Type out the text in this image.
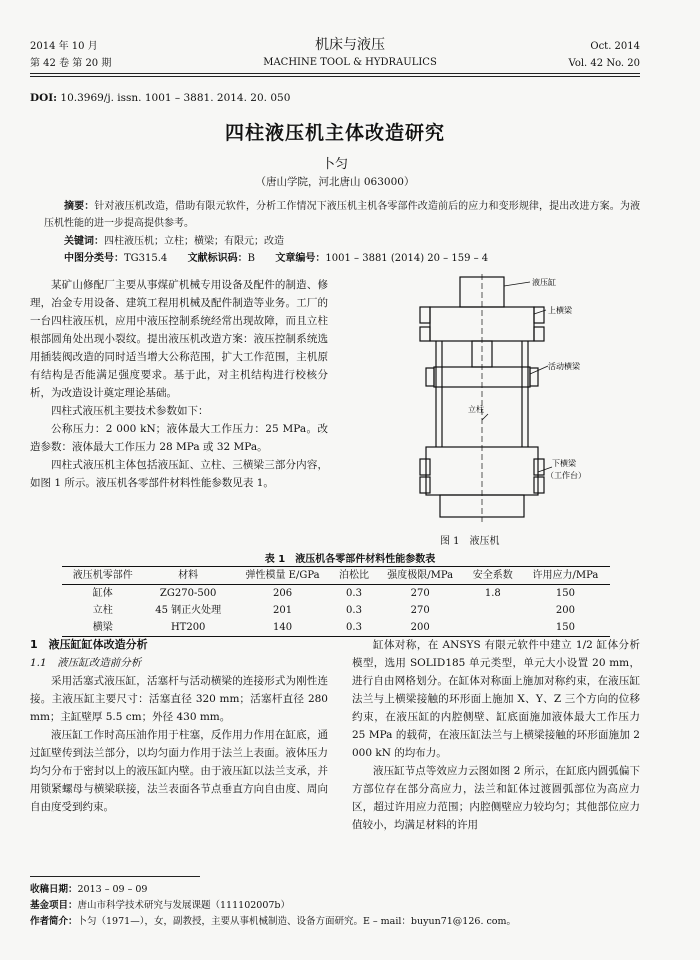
2014 年 10 月
第 42 卷 第 20 期
机床与液压
MACHINE TOOL & HYDRAULICS
Oct. 2014
Vol. 42 No. 20
DOI: 10.3969/j. issn. 1001 – 3881. 2014. 20. 050
四柱液压机主体改造研究
卜匀
（唐山学院，河北唐山 063000）
摘要：针对液压机改造，借助有限元软件，分析工作情况下液压机主机各零部件改造前后的应力和变形规律，提出改进方案。为液压机性能的进一步提高提供参考。
关键词：四柱液压机；立柱；横梁；有限元；改造
中图分类号：TG315.4 文献标识码：B 文章编号：1001 – 3881 (2014) 20 – 159 – 4

某矿山修配厂主要从事煤矿机械专用设备及配件的制造、修理，冶金专用设备、建筑工程用机械及配件制造等业务。工厂的一台四柱液压机，应用中液压控制系统经常出现故障，而且立柱根部圆角处出现小裂纹。提出液压机改造方案：液压控制系统选用插装阀改造的同时适当增大公称范围，扩大工作范围，主机原有结构是否能满足强度要求。基于此，对主机结构进行校核分析，为改造设计奠定理论基础。

四柱式液压机主要技术参数如下：

公称压力：2 000 kN；液体最大工作压力：25 MPa。改造参数：液体最大工作压力 28 MPa 或 32 MPa。

四柱式液压机主体包括液压缸、立柱、三横梁三部分内容，如图 1 所示。液压机各零部件材料性能参数见表 1。

液压缸
上横梁
活动横梁
立柱
下横梁
（工作台）
图 1　液压机
表 1　液压机各零部件材料性能参数表
液压机零部件	材料	弹性模量 E/GPa	泊松比	强度极限/MPa	安全系数	许用应力/MPa
缸体	ZG270-500	206	0.3	270	1.8	150
立柱	45 钢正火处理	201	0.3	270		200
横梁	HT200	140	0.3	200		150
1　液压缸缸体改造分析
1.1　液压缸改造前分析

采用活塞式液压缸，活塞杆与活动横梁的连接形式为刚性连接。主液压缸主要尺寸：活塞直径 320 mm；活塞杆直径 280 mm；主缸壁厚 5.5 cm；外径 430 mm。

液压缸工作时高压油作用于柱塞，反作用力作用在缸底，通过缸壁传到法兰部分，以均匀面力作用于法兰上表面。液体压力均匀分布于密封以上的液压缸内壁。由于液压缸以法兰支承，并用锁紧螺母与横梁联接，法兰表面各节点垂直方向自由度、周向自由度受到约束。

缸体对称，在 ANSYS 有限元软件中建立 1/2 缸体分析模型，选用 SOLID185 单元类型，单元大小设置 20 mm，进行自由网格划分。在缸体对称面上施加对称约束，在液压缸法兰与上横梁接触的环形面上施加 X、Y、Z 三个方向的位移约束，在液压缸的内腔侧壁、缸底面施加液体最大工作压力 25 MPa 的载荷，在液压缸法兰与上横梁接触的环形面施加 2 000 kN 的均布力。

液压缸节点等效应力云图如图 2 所示，在缸底内圆弧偏下方部位存在部分高应力，法兰和缸体过渡圆弧部位为高应力区，超过许用应力范围；内腔侧壁应力较均匀；其他部位应力值较小，均满足材料的许用

收稿日期：2013 – 09 – 09
基金项目：唐山市科学技术研究与发展课题（111102007b）
作者简介：卜匀（1971—），女，副教授，主要从事机械制造、设备方面研究。E – mail：buyun71@126. com。
